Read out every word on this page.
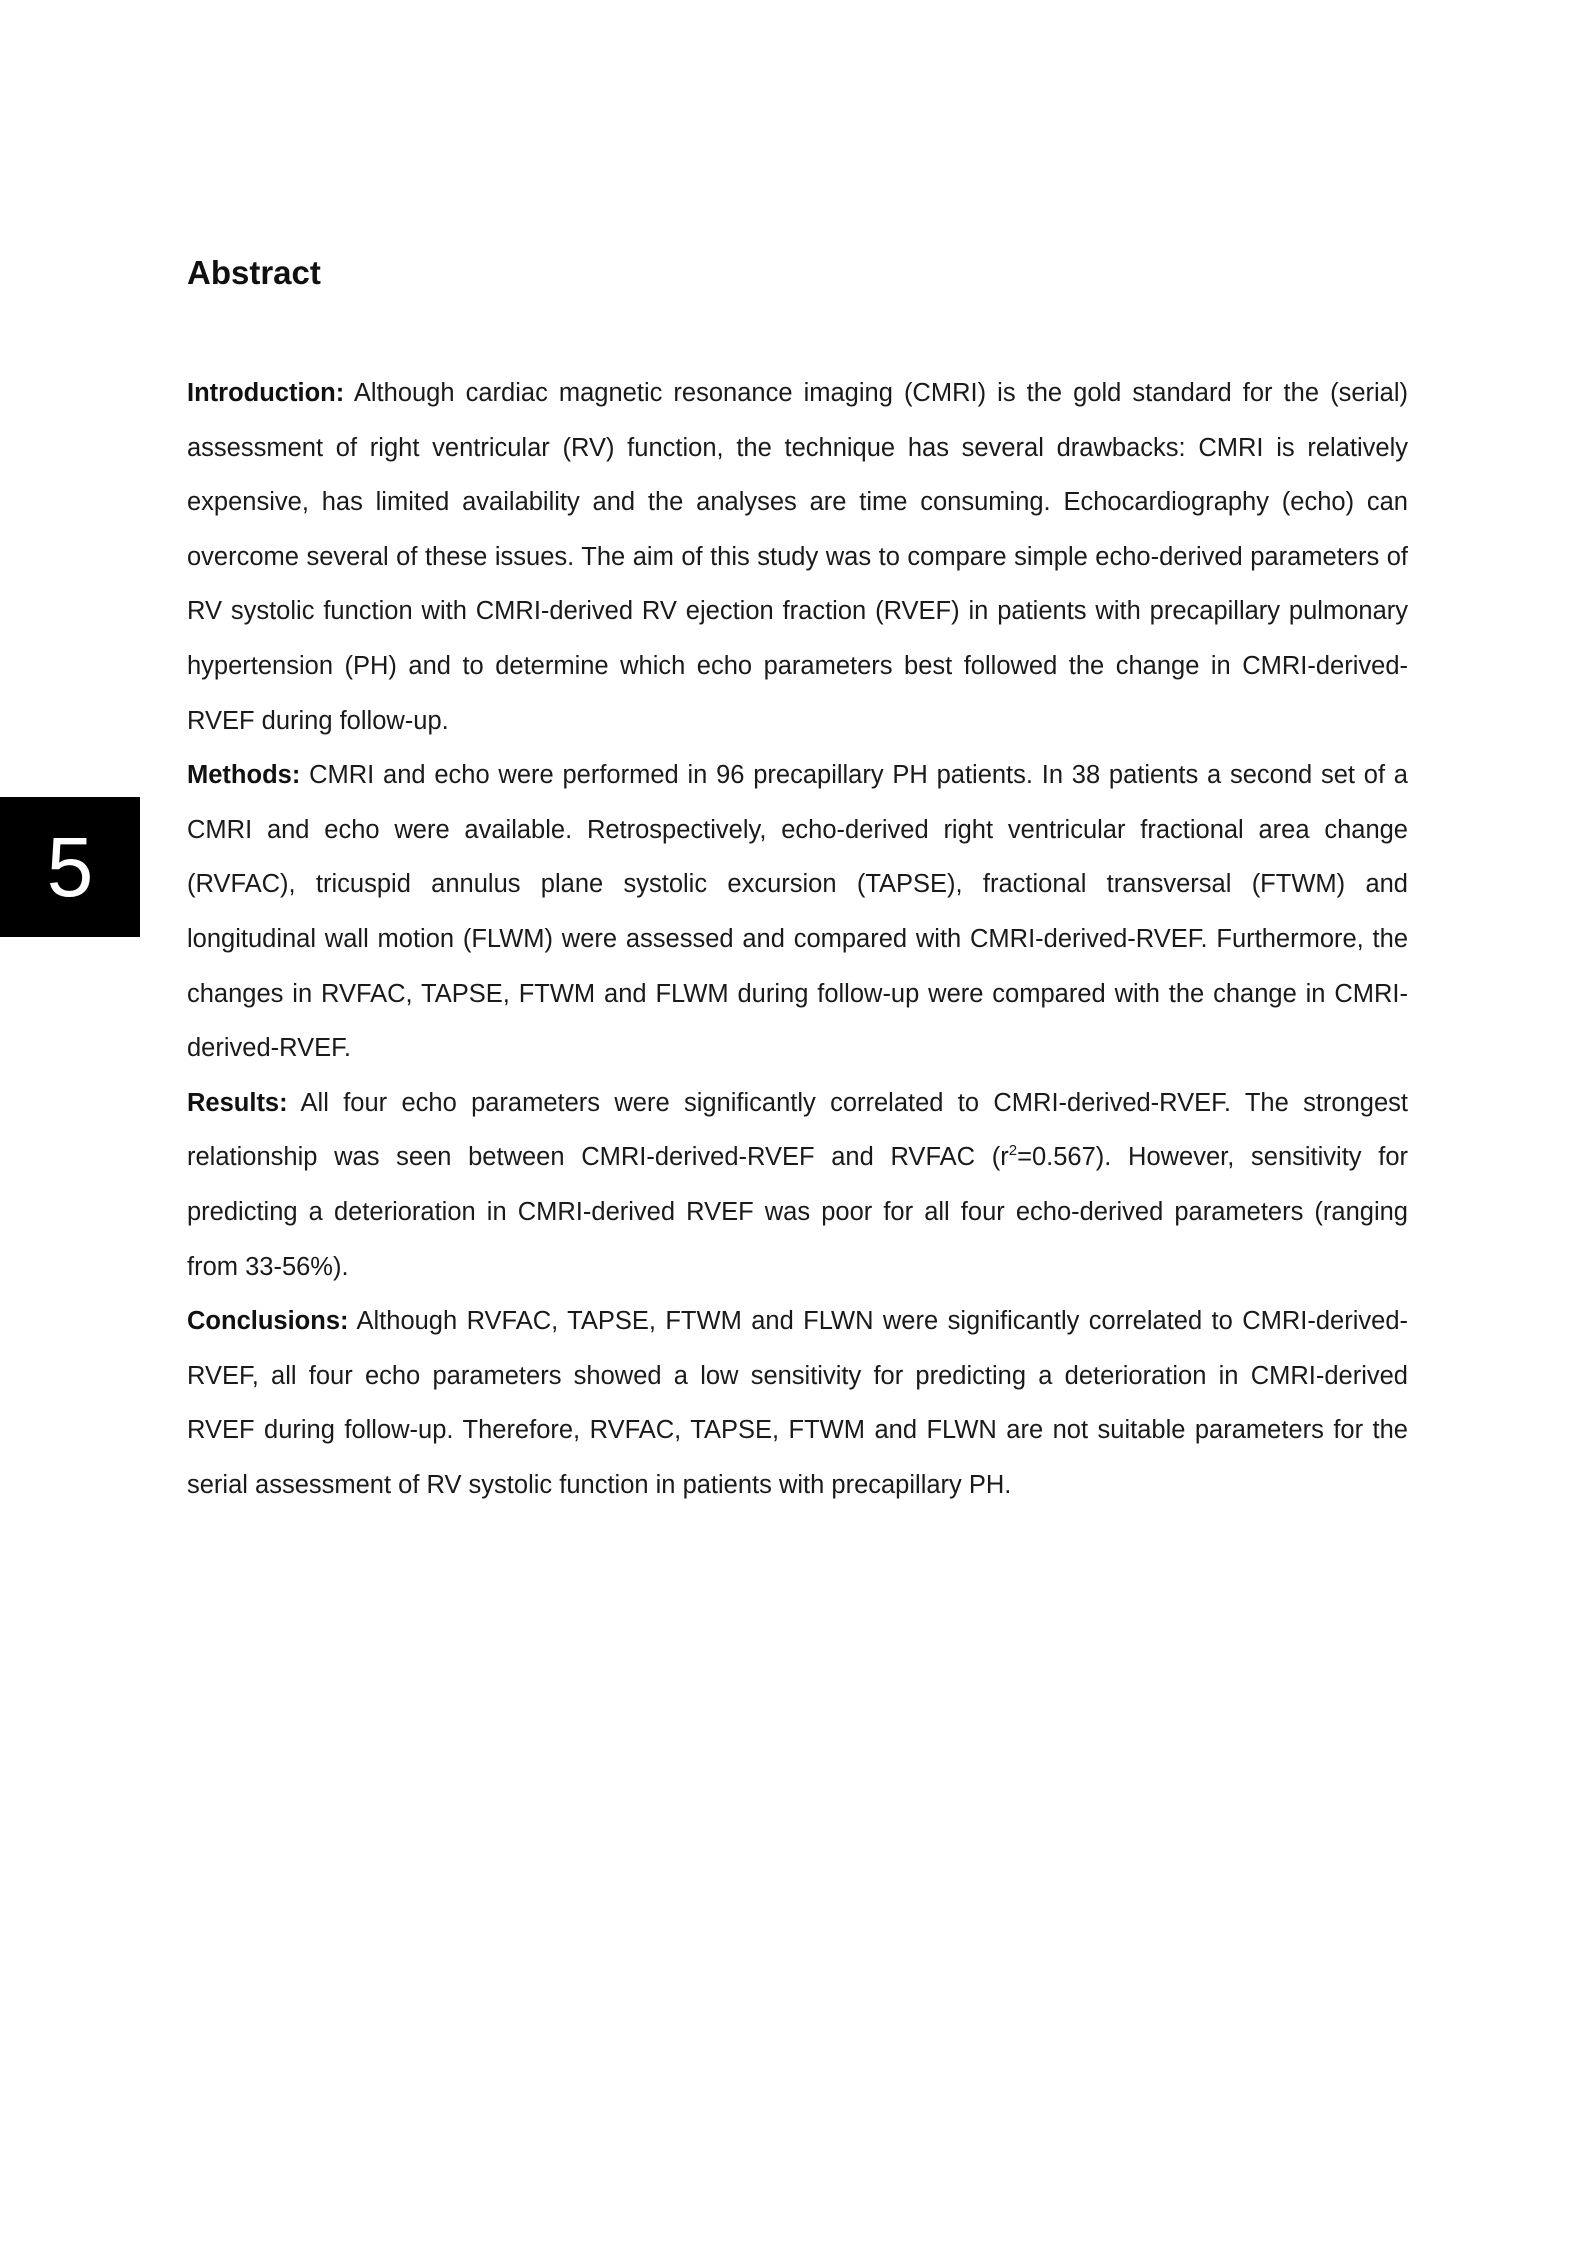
5
Abstract

Introduction: Although cardiac magnetic resonance imaging (CMRI) is the gold standard for the (serial) assessment of right ventricular (RV) function, the technique has several drawbacks: CMRI is relatively expensive, has limited availability and the analyses are time consuming. Echocardiography (echo) can overcome several of these issues. The aim of this study was to compare simple echo-derived parameters of RV systolic function with CMRI-derived RV ejection fraction (RVEF) in patients with precapillary pulmonary hypertension (PH) and to determine which echo parameters best followed the change in CMRI-derived-RVEF during follow-up.

Methods: CMRI and echo were performed in 96 precapillary PH patients. In 38 patients a second set of a CMRI and echo were available. Retrospectively, echo-derived right ventricular fractional area change (RVFAC), tricuspid annulus plane systolic excursion (TAPSE), fractional transversal (FTWM) and longitudinal wall motion (FLWM) were assessed and compared with CMRI-derived-RVEF. Furthermore, the changes in RVFAC, TAPSE, FTWM and FLWM during follow-up were compared with the change in CMRI-derived-RVEF.

Results: All four echo parameters were significantly correlated to CMRI-derived-RVEF. The strongest relationship was seen between CMRI-derived-RVEF and RVFAC $(r^2=0.567)$. However, sensitivity for predicting a deterioration in CMRI-derived RVEF was poor for all four echo-derived parameters (ranging from 33-56%).

Conclusions: Although RVFAC, TAPSE, FTWM and FLWN were significantly correlated to CMRI-derived-RVEF, all four echo parameters showed a low sensitivity for predicting a deterioration in CMRI-derived RVEF during follow-up. Therefore, RVFAC, TAPSE, FTWM and FLWN are not suitable parameters for the serial assessment of RV systolic function in patients with precapillary PH.
